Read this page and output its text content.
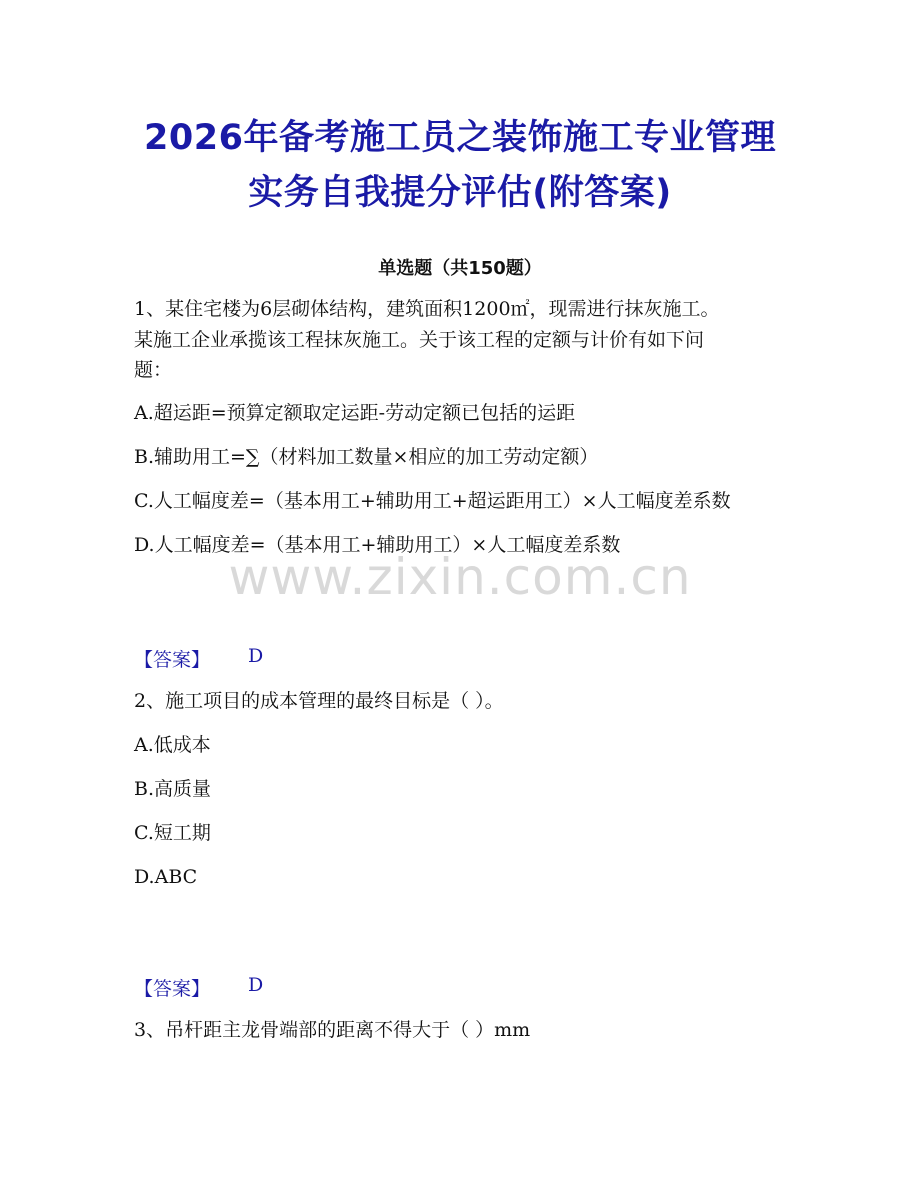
2026年备考施工员之装饰施工专业管理
实务自我提分评估(附答案)
单选题（共150题）
1、某住宅楼为6层砌体结构，建筑面积1200㎡，现需进行抹灰施工。
某施工企业承揽该工程抹灰施工。关于该工程的定额与计价有如下问
题：
A.超运距=预算定额取定运距-劳动定额已包括的运距
B.辅助用工=∑（材料加工数量×相应的加工劳动定额）
C.人工幅度差=（基本用工+辅助用工+超运距用工）×人工幅度差系数
D.人工幅度差=（基本用工+辅助用工）×人工幅度差系数
www.zixin.com.cn
【答案】 D
2、施工项目的成本管理的最终目标是（ ）。
A.低成本
B.高质量
C.短工期
D.ABC
【答案】 D
3、吊杆距主龙骨端部的距离不得大于（ ）mm
